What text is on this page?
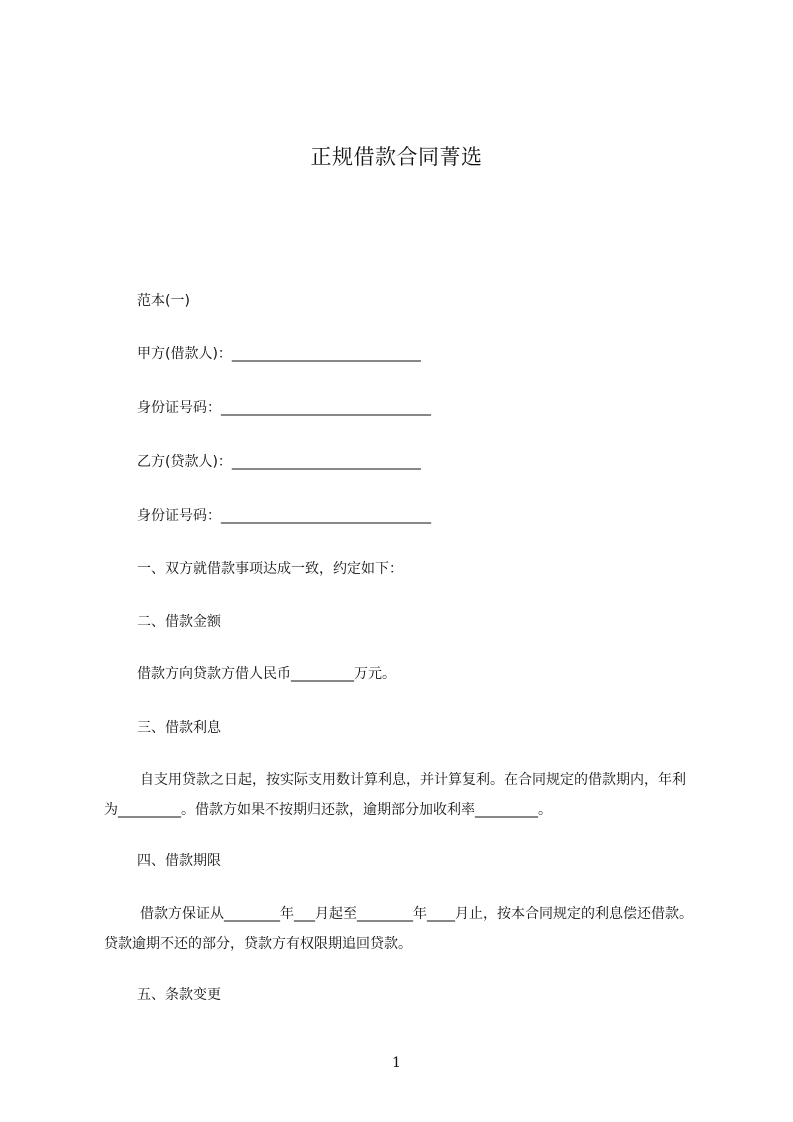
正规借款合同菁选
范本(一)
甲方(借款人)：___________________________
身份证号码：______________________________
乙方(贷款人)：___________________________
身份证号码：______________________________
一、双方就借款事项达成一致，约定如下：
二、借款金额
借款方向贷款方借人民币_________万元。
三、借款利息
自支用贷款之日起，按实际支用数计算利息，并计算复利。在合同规定的借款期内，年利为_________。借款方如果不按期归还款，逾期部分加收利率_________。
四、借款期限
借款方保证从________年___月起至________年____月止，按本合同规定的利息偿还借款。贷款逾期不还的部分，贷款方有权限期追回贷款。
五、条款变更
1
